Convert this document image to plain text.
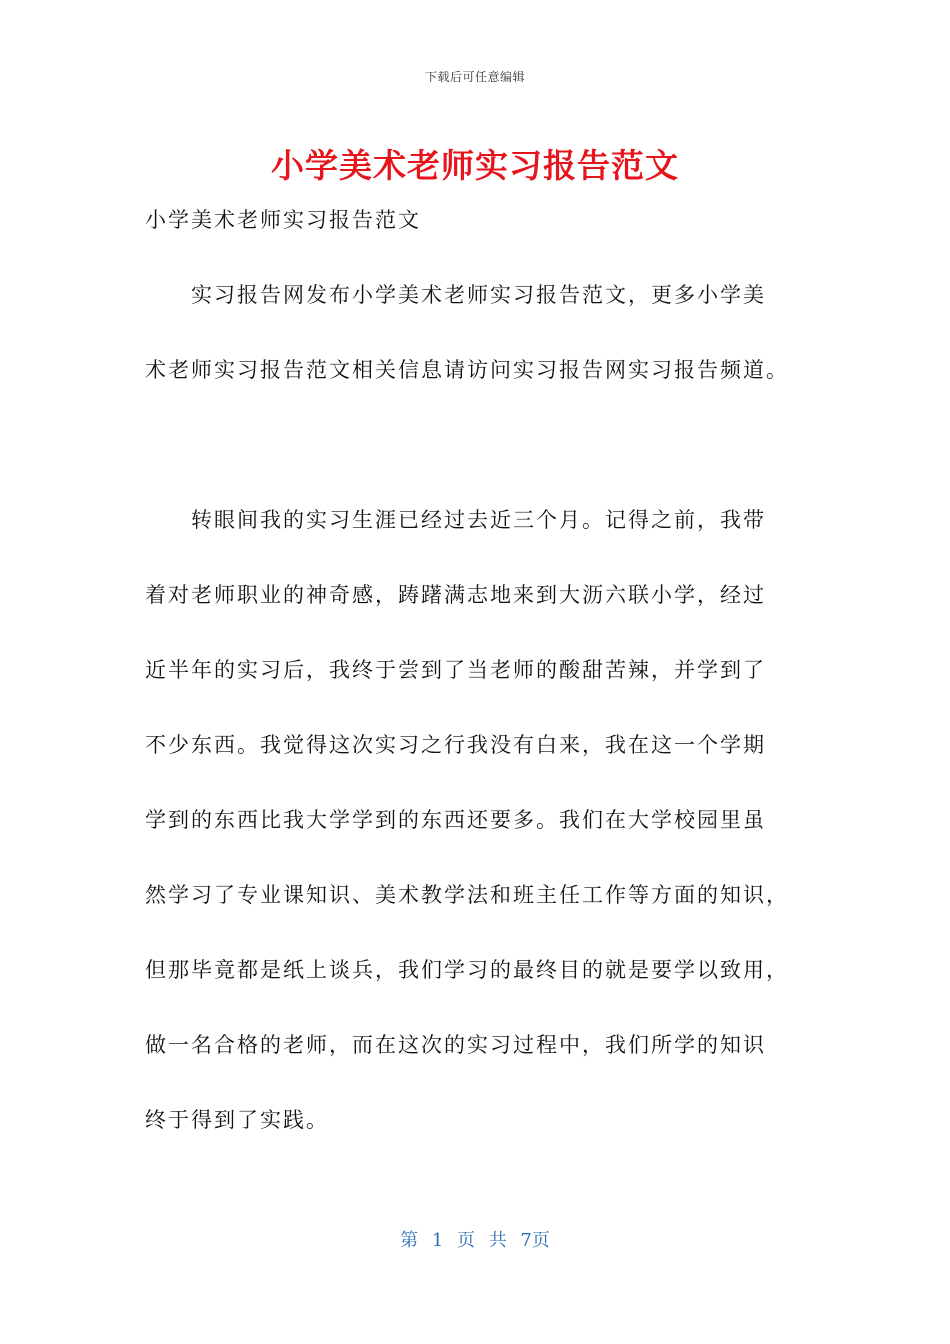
下载后可任意编辑
小学美术老师实习报告范文
小学美术老师实习报告范文
实习报告网发布小学美术老师实习报告范文，更多小学美
术老师实习报告范文相关信息请访问实习报告网实习报告频道。
转眼间我的实习生涯已经过去近三个月。记得之前，我带
着对老师职业的神奇感，踌躇满志地来到大沥六联小学，经过
近半年的实习后，我终于尝到了当老师的酸甜苦辣，并学到了
不少东西。我觉得这次实习之行我没有白来，我在这一个学期
学到的东西比我大学学到的东西还要多。我们在大学校园里虽
然学习了专业课知识、美术教学法和班主任工作等方面的知识，
但那毕竟都是纸上谈兵，我们学习的最终目的就是要学以致用，
做一名合格的老师，而在这次的实习过程中，我们所学的知识
终于得到了实践。
第 1 页 共 7页
